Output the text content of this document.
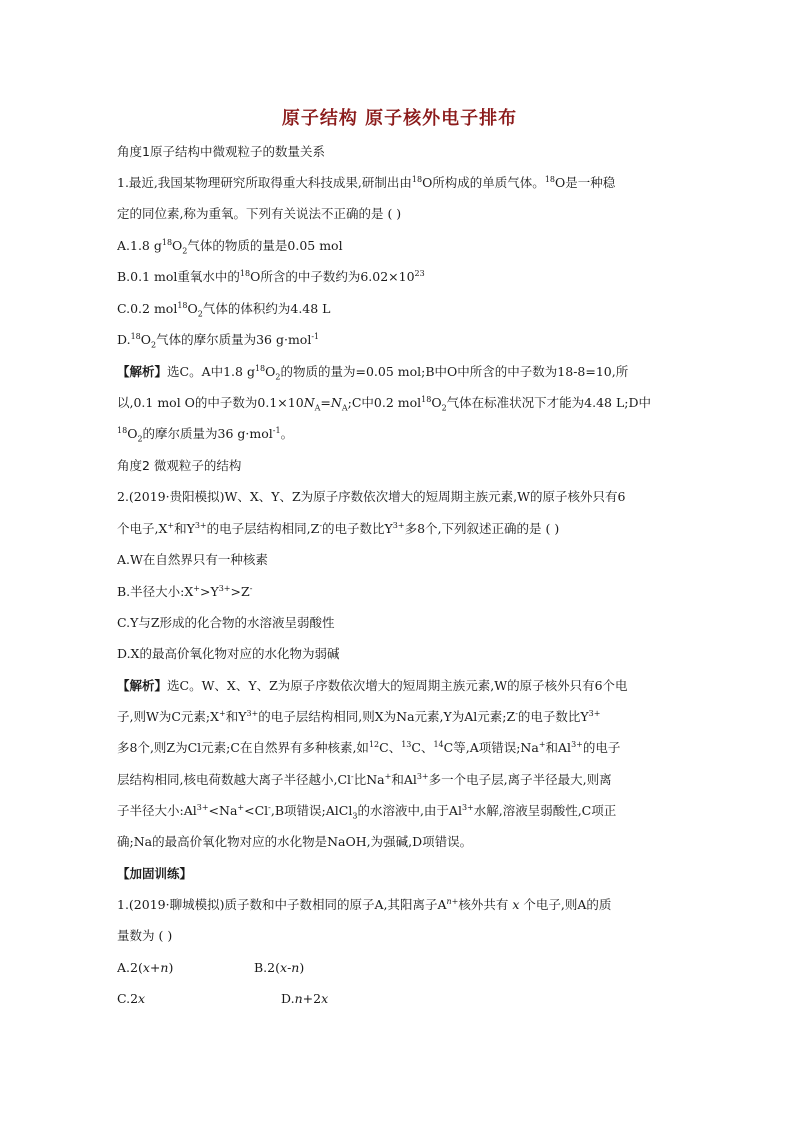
原子结构 原子核外电子排布
角度1原子结构中微观粒子的数量关系
1.最近,我国某物理研究所取得重大科技成果,研制出由$^{18}$O所构成的单质气体。$^{18}$O是一种稳
定的同位素,称为重氧。下列有关说法不正确的是 ( )
A.1.8 $g^{18}O_2$气体的物质的量是0.05 mol
B.0.1 mol重氧水中的$^{18}$O所含的中子数约为$6.02\times 10^{23}$
C.0.2 $mol^{18}O_2$气体的体积约为4.48 L
$D.^{18}O_2$气体的摩尔质量为36 g·mol$^{-1}$
【解析】选C。A中1.8 $g^{18}O_2$的物质的量为=0.05 mol;B中O中所含的中子数为18-8=10,所
以,0.1 mol O的中子数为$0.1\times 10N_A=N_A;C$中0.2 $mol^{18}O_2$气体在标准状况下才能为4.48 L;D中
$^{18}O_2$的摩尔质量为36 g·mol$^{-1}$。
角度2 微观粒子的结构
2.(2019·贵阳模拟)W、X、Y、Z为原子序数依次增大的短周期主族元素,W的原子核外只有6
个电子,X+和$Y^{3+}$的电子层结构相同,Z-的电子数比$Y^{3+}$多8个,下列叙述正确的是 ( )
A.W在自然界只有一种核素
B.半径大小$:X^+>Y^{3+}>Z^-$
C.Y与Z形成的化合物的水溶液呈弱酸性
D.X的最高价氧化物对应的水化物为弱碱
【解析】选C。W、X、Y、Z为原子序数依次增大的短周期主族元素,W的原子核外只有6个电
子,则W为C元素;X+和$Y^{3+}$的电子层结构相同,则X为Na元素,Y为Al元素;Z-的电子数比$Y^{3+}$
多8个,则Z为Cl元素;C在自然界有多种核素,如$^{12}$C、$^{13}$C、$^{14}$C等,A项错误;Na+和$Al^{3+}$的电子
层结构相同,核电荷数越大离子半径越小,Cl-比Na+和$Al^{3+}$多一个电子层,离子半径最大,则离
子半径大小$:Al^{3+}<Na^+<Cl^-,B$项错误;AlCl$_3$的水溶液中,由于$Al^{3+}$水解,溶液呈弱酸性,C项正
确;Na的最高价氧化物对应的水化物是NaOH,为强碱,D项错误。
【加固训练】
1.(2019·聊城模拟)质子数和中子数相同的原子A,其阳离子$A^{n+}$核外共有 x 个电子,则A的质
量数为 ( )
A.2(x+n)	B.2(x-n)
C.2x	D.n+2x
